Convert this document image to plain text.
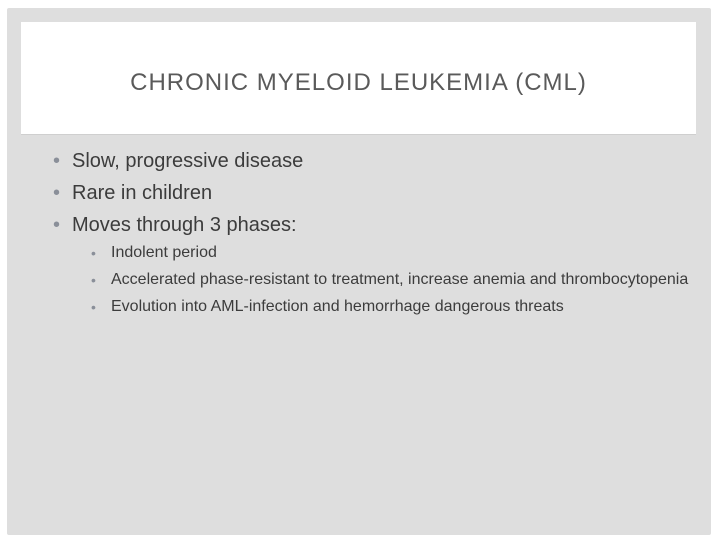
CHRONIC MYELOID LEUKEMIA (CML)
• Slow, progressive disease
• Rare in children
• Moves through 3 phases:
• Indolent period
• Accelerated phase-resistant to treatment, increase anemia and thrombocytopenia
• Evolution into AML-infection and hemorrhage dangerous threats
